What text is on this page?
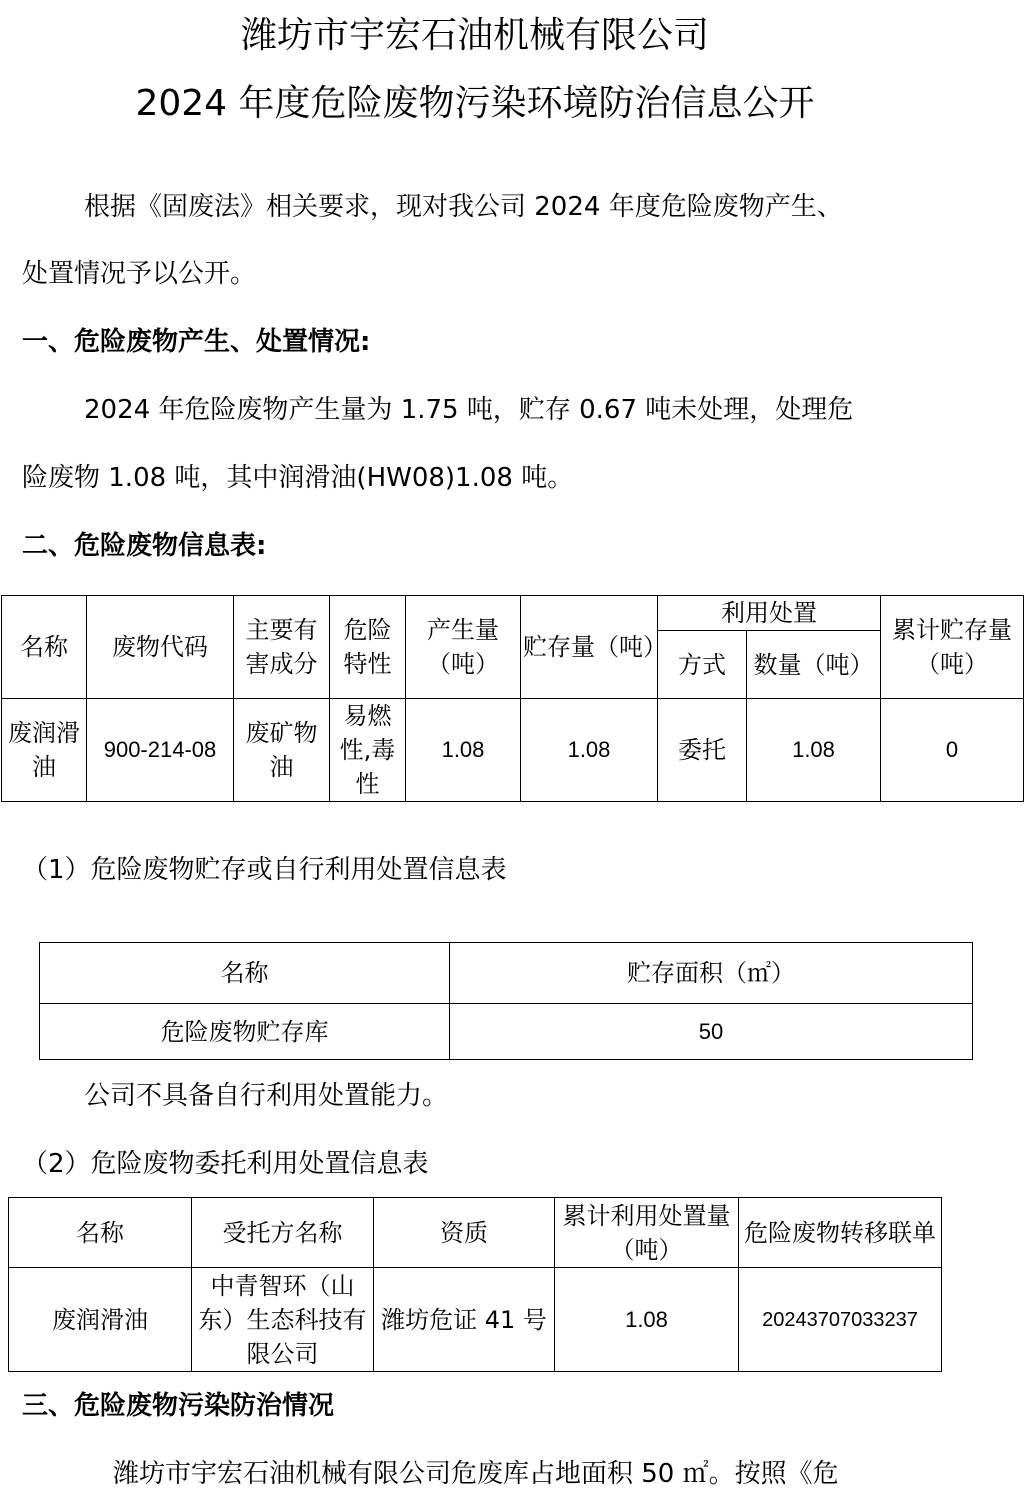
潍坊市宇宏石油机械有限公司
2024 年度危险废物污染环境防治信息公开
根据《固废法》相关要求，现对我公司 2024 年度危险废物产生、
处置情况予以公开。
一、危险废物产生、处置情况:
2024 年危险废物产生量为 1.75 吨，贮存 0.67 吨未处理，处理危
险废物 1.08 吨，其中润滑油(HW08)1.08 吨。
二、危险废物信息表:
名称	废物代码	主要有害成分	危险特性	产生量（吨）	贮存量（吨）	利用处置		累计贮存量（吨）
						方式	数量（吨）	
废润滑油	900-214-08	废矿物油	易燃性,毒性	1.08	1.08	委托	1.08	0
（1）危险废物贮存或自行利用处置信息表
名称	贮存面积（㎡）
危险废物贮存库	50
公司不具备自行利用处置能力。
（2）危险废物委托利用处置信息表
名称	受托方名称	资质	累计利用处置量（吨）	危险废物转移联单
废润滑油	中青智环（山东）生态科技有限公司	潍坊危证 41 号	1.08	20243707033237
三、危险废物污染防治情况
潍坊市宇宏石油机械有限公司危废库占地面积 50 ㎡。按照《危
